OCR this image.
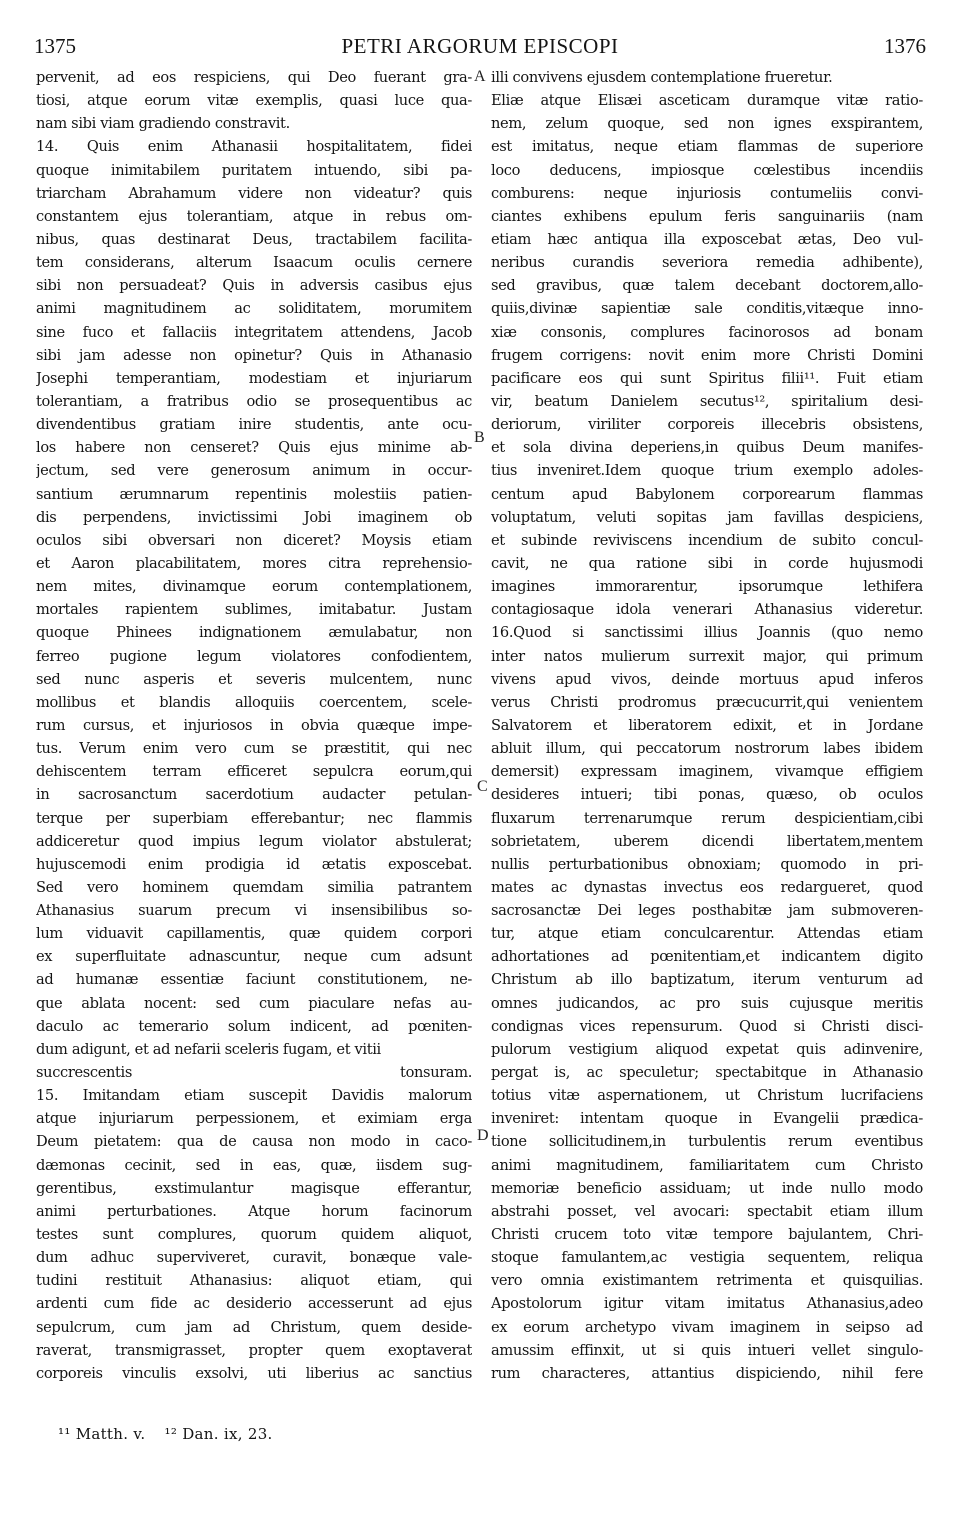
1375	PETRI ARGORUM EPISCOPI	1376
pervenit, ad eos respiciens, qui Deo fuerant gra-
tiosi, atque eorum vitæ exemplis, quasi luce qua-
nam sibi viam gradiendo constravit.
14. Quis enim Athanasii hospitalitatem, fidei
quoque inimitabilem puritatem intuendo, sibi pa-
triarcham Abrahamum videre non videatur? quis
constantem ejus tolerantiam, atque in rebus om-
nibus, quas destinarat Deus, tractabilem facilita-
tem considerans, alterum Isaacum oculis cernere
sibi non persuadeat? Quis in adversis casibus ejus
animi magnitudinem ac soliditatem, morumitem
sine fuco et fallaciis integritatem attendens, Jacob
sibi jam adesse non opinetur? Quis in Athanasio
Josephi temperantiam, modestiam et injuriarum
tolerantiam, a fratribus odio se prosequentibus ac
divendentibus gratiam inire studentis, ante ocu-
los habere non censeret? Quis ejus minime ab-
jectum, sed vere generosum animum in occur-
santium ærumnarum repentinis molestiis patien-
dis perpendens, invictissimi Jobi imaginem ob
oculos sibi obversari non diceret? Moysis etiam
et Aaron placabilitatem, mores citra reprehensio-
nem mites, divinamque eorum contemplationem,
mortales rapientem sublimes, imitabatur. Justam
quoque Phinees indignationem æmulabatur, non
ferreo pugione legum violatores confodientem,
sed nunc asperis et severis mulcentem, nunc
mollibus et blandis alloquiis coercentem, scele-
rum cursus, et injuriosos in obvia quæque impe-
tus. Verum enim vero cum se præstitit, qui nec
dehiscentem terram efficeret sepulcra eorum,qui
in sacrosanctum sacerdotium audacter petulan-
terque per superbiam efferebantur; nec flammis
addiceretur quod impius legum violator abstulerat;
hujuscemodi enim prodigia id ætatis exposcebat.
Sed vero hominem quemdam similia patrantem
Athanasius suarum precum vi insensibilibus so-
lum viduavit capillamentis, quæ quidem corpori
ex superfluitate adnascuntur, neque cum adsunt
ad humanæ essentiæ faciunt constitutionem, ne-
que ablata nocent: sed cum piaculare nefas au-
daculo ac temerario solum indicent, ad pœniten-
dum adigunt, et ad nefarii sceleris fugam, et vitii
succrescentis tonsuram.
15. Imitandam etiam suscepit Davidis malorum
atque injuriarum perpessionem, et eximiam erga
Deum pietatem: qua de causa non modo in caco-
dæmonas cecinit, sed in eas, quæ, iisdem sug-
gerentibus, exstimulantur magisque efferantur,
animi perturbationes. Atque horum facinorum
testes sunt complures, quorum quidem aliquot,
dum adhuc superviveret, curavit, bonæque vale-
tudini restituit Athanasius: aliquot etiam, qui
ardenti cum fide ac desiderio accesserunt ad ejus
sepulcrum, cum jam ad Christum, quem deside-
raverat, transmigrasset, propter quem exoptaverat
corporeis vinculis exsolvi, uti liberius ac sanctius
illi convivens ejusdem contemplatione frueretur.
Eliæ atque Elisæi asceticam duramque vitæ ratio-
nem, zelum quoque, sed non ignes exspirantem,
est imitatus, neque etiam flammas de superiore
loco deducens, impiosque cœlestibus incendiis
comburens: neque injuriosis contumeliis convi-
ciantes exhibens epulum feris sanguinariis (nam
etiam hæc antiqua illa exposcebat ætas, Deo vul-
neribus curandis severiora remedia adhibente),
sed gravibus, quæ talem decebant doctorem,allo-
quiis,divinæ sapientiæ sale conditis,vitæque inno-
xiæ consonis, complures facinorosos ad bonam
frugem corrigens: novit enim more Christi Domini
pacificare eos qui sunt Spiritus filii¹¹. Fuit etiam
vir, beatum Danielem secutus¹², spiritalium desi-
deriorum, viriliter corporeis illecebris obsistens,
et sola divina deperiens,in quibus Deum manifes-
tius inveniret.Idem quoque trium exemplo adoles-
centum apud Babylonem corporearum flammas
voluptatum, veluti sopitas jam favillas despiciens,
et subinde reviviscens incendium de subito concul-
cavit, ne qua ratione sibi in corde hujusmodi
imagines immorarentur, ipsorumque lethifera
contagiosaque idola venerari Athanasius videretur.
16.Quod si sanctissimi illius Joannis (quo nemo
inter natos mulierum surrexit major, qui primum
vivens apud vivos, deinde mortuus apud inferos
verus Christi prodromus præcucurrit,qui venientem
Salvatorem et liberatorem edixit, et in Jordane
abluit illum, qui peccatorum nostrorum labes ibidem
demersit) expressam imaginem, vivamque effigiem
desideres intueri; tibi ponas, quæso, ob oculos
fluxarum terrenarumque rerum despicientiam,cibi
sobrietatem, uberem dicendi libertatem,mentem
nullis perturbationibus obnoxiam; quomodo in pri-
mates ac dynastas invectus eos redargueret, quod
sacrosanctæ Dei leges posthabitæ jam submoveren-
tur, atque etiam conculcarentur. Attendas etiam
adhortationes ad pœnitentiam,et indicantem digito
Christum ab illo baptizatum, iterum venturum ad
omnes judicandos, ac pro suis cujusque meritis
condignas vices repensurum. Quod si Christi disci-
pulorum vestigium aliquod expetat quis adinvenire,
pergat is, ac speculetur; spectabitque in Athanasio
totius vitæ aspernationem, ut Christum lucrifaciens
inveniret: intentam quoque in Evangelii prædica-
tione sollicitudinem,in turbulentis rerum eventibus
animi magnitudinem, familiaritatem cum Christo
memoriæ beneficio assiduam; ut inde nullo modo
abstrahi posset, vel avocari: spectabit etiam illum
Christi crucem toto vitæ tempore bajulantem, Chri-
stoque famulantem,ac vestigia sequentem, reliqua
vero omnia existimantem retrimenta et quisquilias.
Apostolorum igitur vitam imitatus Athanasius,adeo
ex eorum archetypo vivam imaginem in seipso ad
amussim effinxit, ut si quis intueri vellet singulo-
rum characteres, attantius dispiciendo, nihil fere
A
B
C
D
¹¹ Matth. v. ¹² Dan. ix, 23.
